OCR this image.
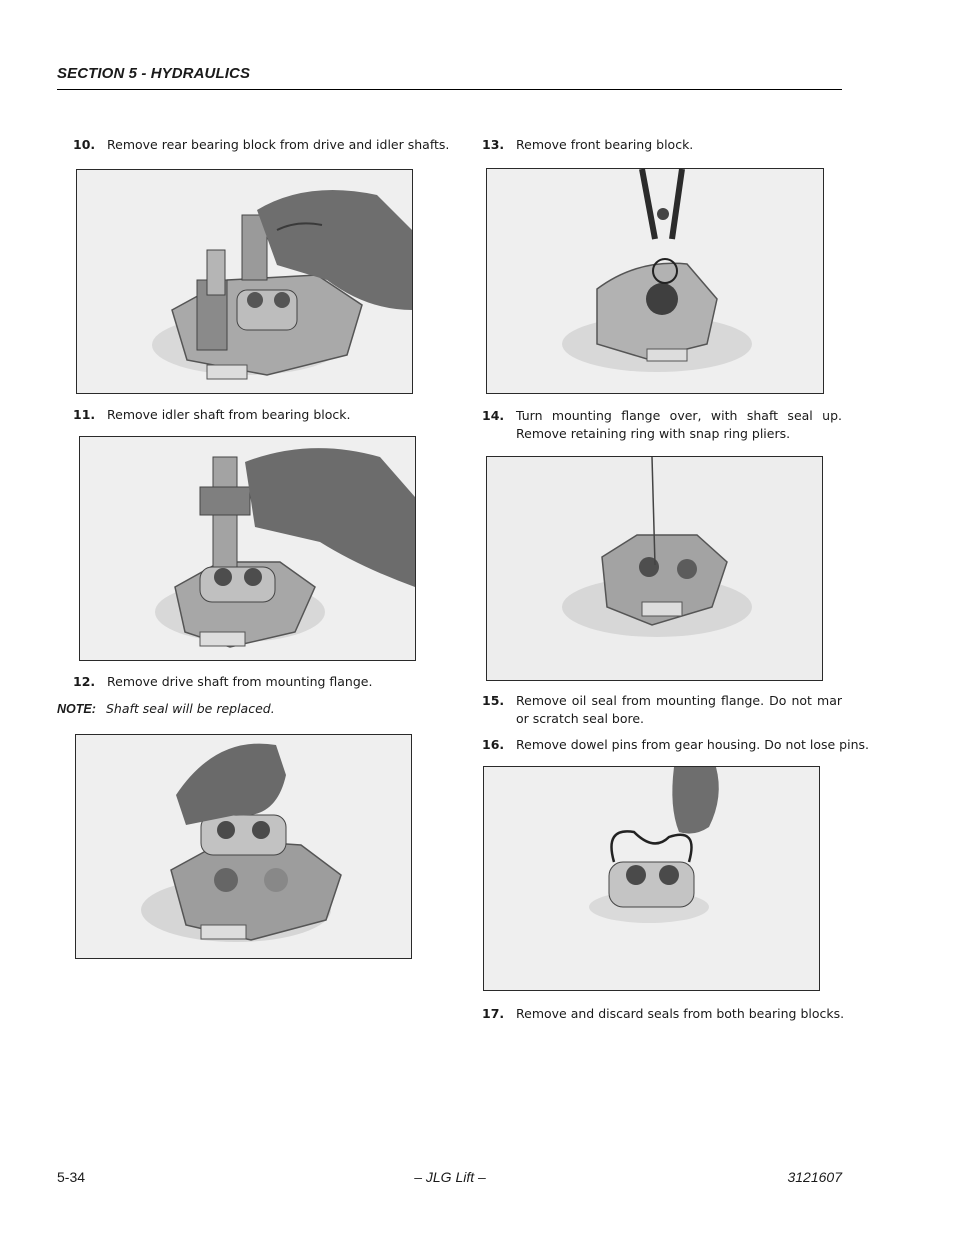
SECTION 5 - HYDRAULICS
10. Remove rear bearing block from drive and idler shafts.
11. Remove idler shaft from bearing block.
12. Remove drive shaft from mounting flange.
NOTE: Shaft seal will be replaced.
13. Remove front bearing block.
14. Turn mounting flange over, with shaft seal up. Remove retaining ring with snap ring pliers.
15. Remove oil seal from mounting flange. Do not mar or scratch seal bore.
16. Remove dowel pins from gear housing. Do not lose pins.
17. Remove and discard seals from both bearing blocks.
5-34	– JLG Lift –	3121607
